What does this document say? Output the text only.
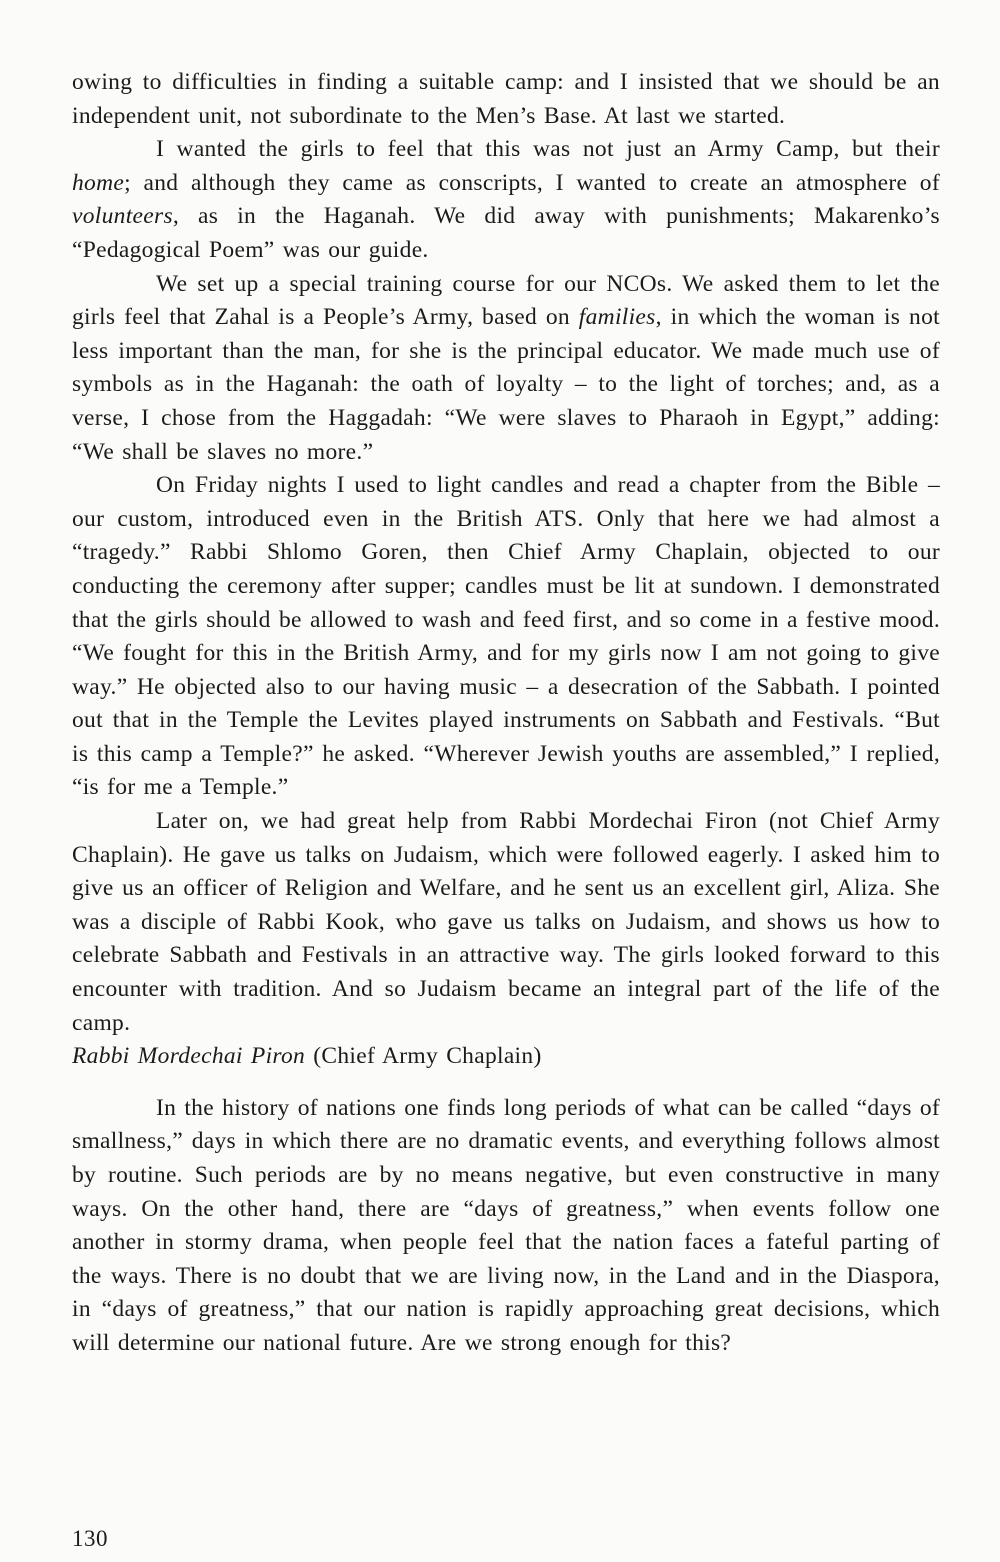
owing to difficulties in finding a suitable camp: and I insisted that we should be an independent unit, not subordinate to the Men’s Base. At last we started.

I wanted the girls to feel that this was not just an Army Camp, but their home; and although they came as conscripts, I wanted to create an atmosphere of volunteers, as in the Haganah. We did away with punishments; Makarenko’s “Pedagogical Poem” was our guide.

We set up a special training course for our NCOs. We asked them to let the girls feel that Zahal is a People’s Army, based on families, in which the woman is not less important than the man, for she is the principal educator. We made much use of symbols as in the Haganah: the oath of loyalty – to the light of torches; and, as a verse, I chose from the Haggadah: “We were slaves to Pharaoh in Egypt,” adding: “We shall be slaves no more.”

On Friday nights I used to light candles and read a chapter from the Bible – our custom, introduced even in the British ATS. Only that here we had almost a “tragedy.” Rabbi Shlomo Goren, then Chief Army Chaplain, objected to our conducting the ceremony after supper; candles must be lit at sundown. I demonstrated that the girls should be allowed to wash and feed first, and so come in a festive mood. “We fought for this in the British Army, and for my girls now I am not going to give way.” He objected also to our having music – a desecration of the Sabbath. I pointed out that in the Temple the Levites played instruments on Sabbath and Festivals. “But is this camp a Temple?” he asked. “Wherever Jewish youths are assembled,” I replied, “is for me a Temple.”

Later on, we had great help from Rabbi Mordechai Firon (not Chief Army Chaplain). He gave us talks on Judaism, which were followed eagerly. I asked him to give us an officer of Religion and Welfare, and he sent us an excellent girl, Aliza. She was a disciple of Rabbi Kook, who gave us talks on Judaism, and shows us how to celebrate Sabbath and Festivals in an attractive way. The girls looked forward to this encounter with tradition. And so Judaism became an integral part of the life of the camp.

Rabbi Mordechai Piron (Chief Army Chaplain)

In the history of nations one finds long periods of what can be called “days of smallness,” days in which there are no dramatic events, and everything follows almost by routine. Such periods are by no means negative, but even constructive in many ways. On the other hand, there are “days of greatness,” when events follow one another in stormy drama, when people feel that the nation faces a fateful parting of the ways. There is no doubt that we are living now, in the Land and in the Diaspora, in “days of greatness,” that our nation is rapidly approaching great decisions, which will determine our national future. Are we strong enough for this?

130
